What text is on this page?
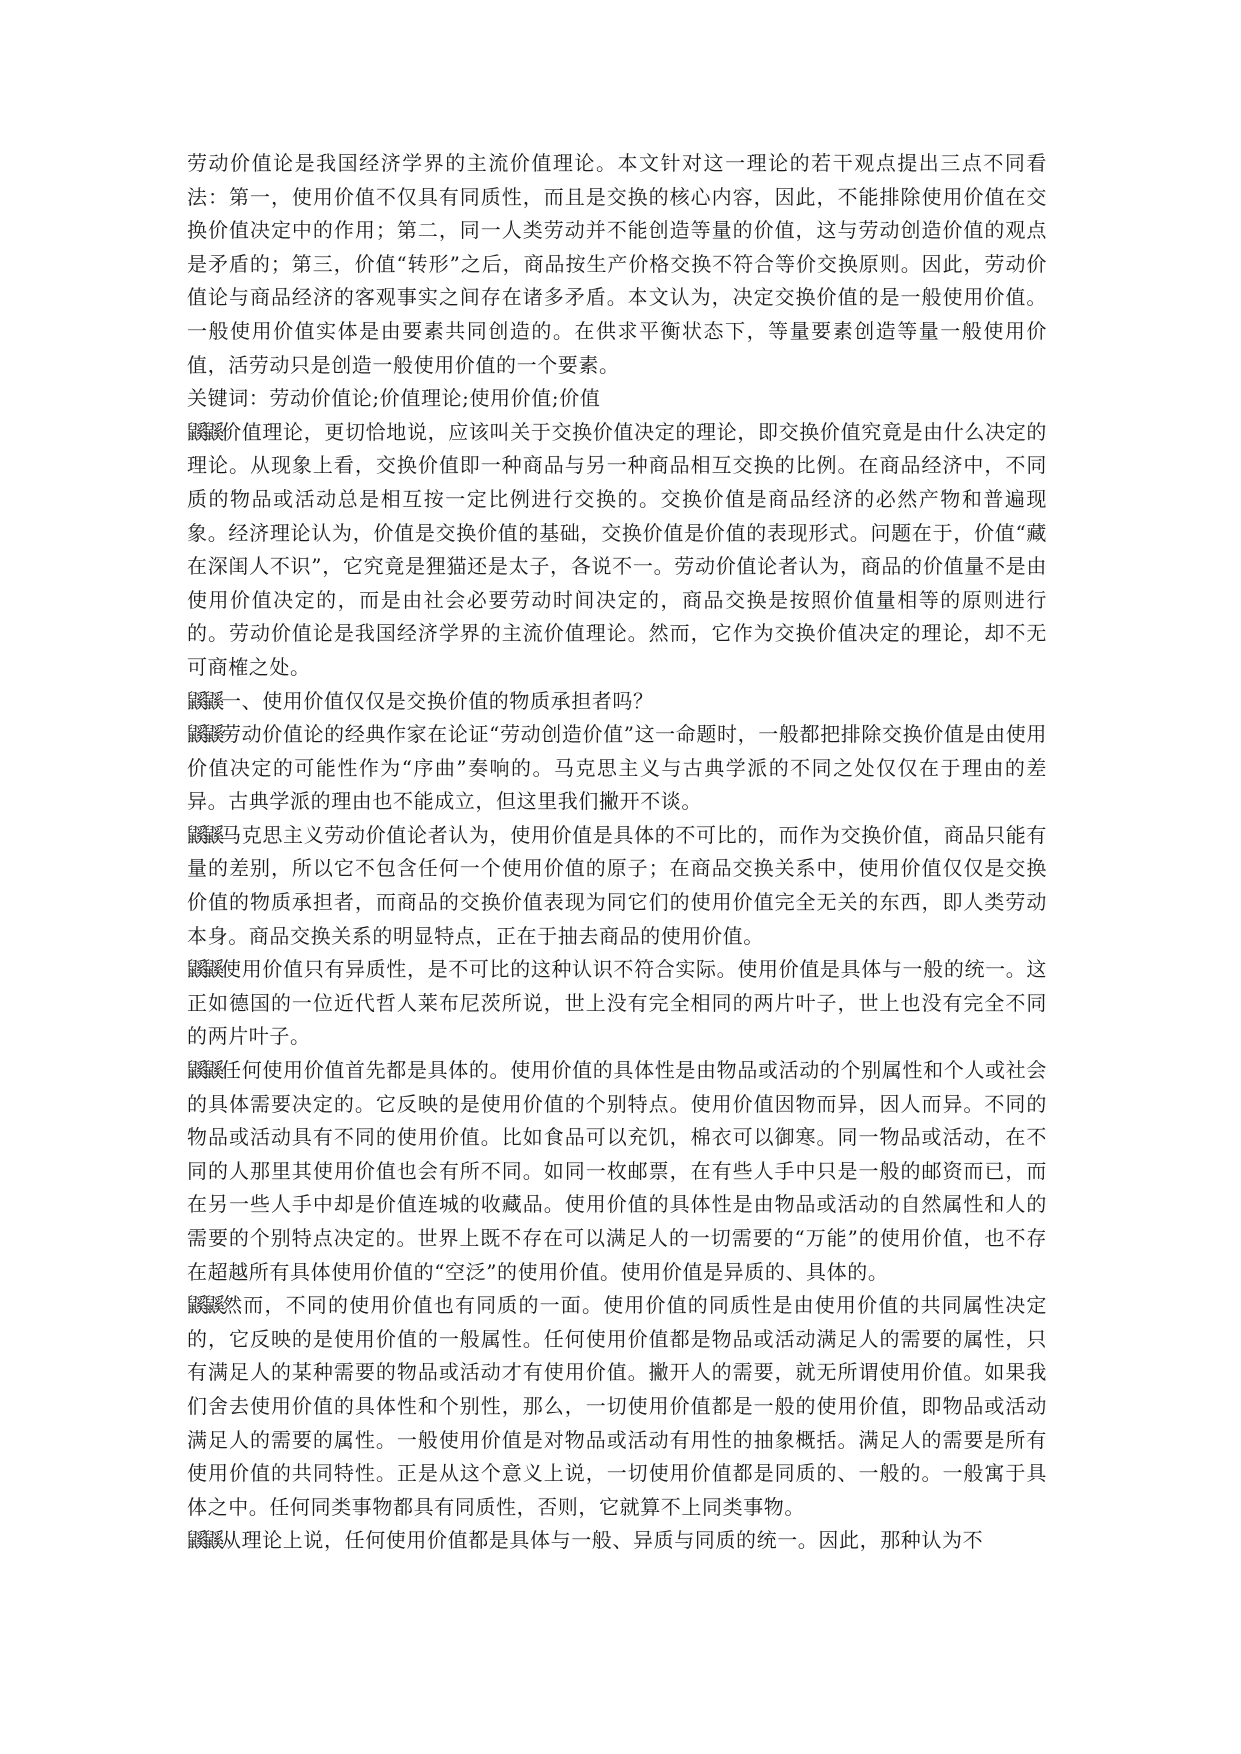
劳动价值论是我国经济学界的主流价值理论。本文针对这一理论的若干观点提出三点不同看法：第一，使用价值不仅具有同质性，而且是交换的核心内容，因此，不能排除使用价值在交换价值决定中的作用；第二，同一人类劳动并不能创造等量的价值，这与劳动创造价值的观点是矛盾的；第三，价值“转形”之后，商品按生产价格交换不符合等价交换原则。因此，劳动价值论与商品经济的客观事实之间存在诸多矛盾。本文认为，决定交换价值的是一般使用价值。一般使用价值实体是由要素共同创造的。在供求平衡状态下，等量要素创造等量一般使用价值，活劳动只是创造一般使用价值的一个要素。

关键词：劳动价值论;价值理论;使用价值;价值

鼷鼷价值理论，更切恰地说，应该叫关于交换价值决定的理论，即交换价值究竟是由什么决定的理论。从现象上看，交换价值即一种商品与另一种商品相互交换的比例。在商品经济中，不同质的物品或活动总是相互按一定比例进行交换的。交换价值是商品经济的必然产物和普遍现象。经济理论认为，价值是交换价值的基础，交换价值是价值的表现形式。问题在于，价值“藏在深闺人不识”，它究竟是狸猫还是太子，各说不一。劳动价值论者认为，商品的价值量不是由使用价值决定的，而是由社会必要劳动时间决定的，商品交换是按照价值量相等的原则进行的。劳动价值论是我国经济学界的主流价值理论。然而，它作为交换价值决定的理论，却不无可商榷之处。

鼷鼷一、使用价值仅仅是交换价值的物质承担者吗？

鼷鼷劳动价值论的经典作家在论证“劳动创造价值”这一命题时，一般都把排除交换价值是由使用价值决定的可能性作为“序曲”奏响的。马克思主义与古典学派的不同之处仅仅在于理由的差异。古典学派的理由也不能成立，但这里我们撇开不谈。

鼷鼷马克思主义劳动价值论者认为，使用价值是具体的不可比的，而作为交换价值，商品只能有量的差别，所以它不包含任何一个使用价值的原子；在商品交换关系中，使用价值仅仅是交换价值的物质承担者，而商品的交换价值表现为同它们的使用价值完全无关的东西，即人类劳动本身。商品交换关系的明显特点，正在于抽去商品的使用价值。

鼷鼷使用价值只有异质性，是不可比的这种认识不符合实际。使用价值是具体与一般的统一。这正如德国的一位近代哲人莱布尼茨所说，世上没有完全相同的两片叶子，世上也没有完全不同的两片叶子。

鼷鼷任何使用价值首先都是具体的。使用价值的具体性是由物品或活动的个别属性和个人或社会的具体需要决定的。它反映的是使用价值的个别特点。使用价值因物而异，因人而异。不同的物品或活动具有不同的使用价值。比如食品可以充饥，棉衣可以御寒。同一物品或活动，在不同的人那里其使用价值也会有所不同。如同一枚邮票，在有些人手中只是一般的邮资而已，而在另一些人手中却是价值连城的收藏品。使用价值的具体性是由物品或活动的自然属性和人的需要的个别特点决定的。世界上既不存在可以满足人的一切需要的“万能”的使用价值，也不存在超越所有具体使用价值的“空泛”的使用价值。使用价值是异质的、具体的。

鼷鼷然而，不同的使用价值也有同质的一面。使用价值的同质性是由使用价值的共同属性决定的，它反映的是使用价值的一般属性。任何使用价值都是物品或活动满足人的需要的属性，只有满足人的某种需要的物品或活动才有使用价值。撇开人的需要，就无所谓使用价值。如果我们舍去使用价值的具体性和个别性，那么，一切使用价值都是一般的使用价值，即物品或活动满足人的需要的属性。一般使用价值是对物品或活动有用性的抽象概括。满足人的需要是所有使用价值的共同特性。正是从这个意义上说，一切使用价值都是同质的、一般的。一般寓于具体之中。任何同类事物都具有同质性，否则，它就算不上同类事物。

鼷鼷从理论上说，任何使用价值都是具体与一般、异质与同质的统一。因此，那种认为不
